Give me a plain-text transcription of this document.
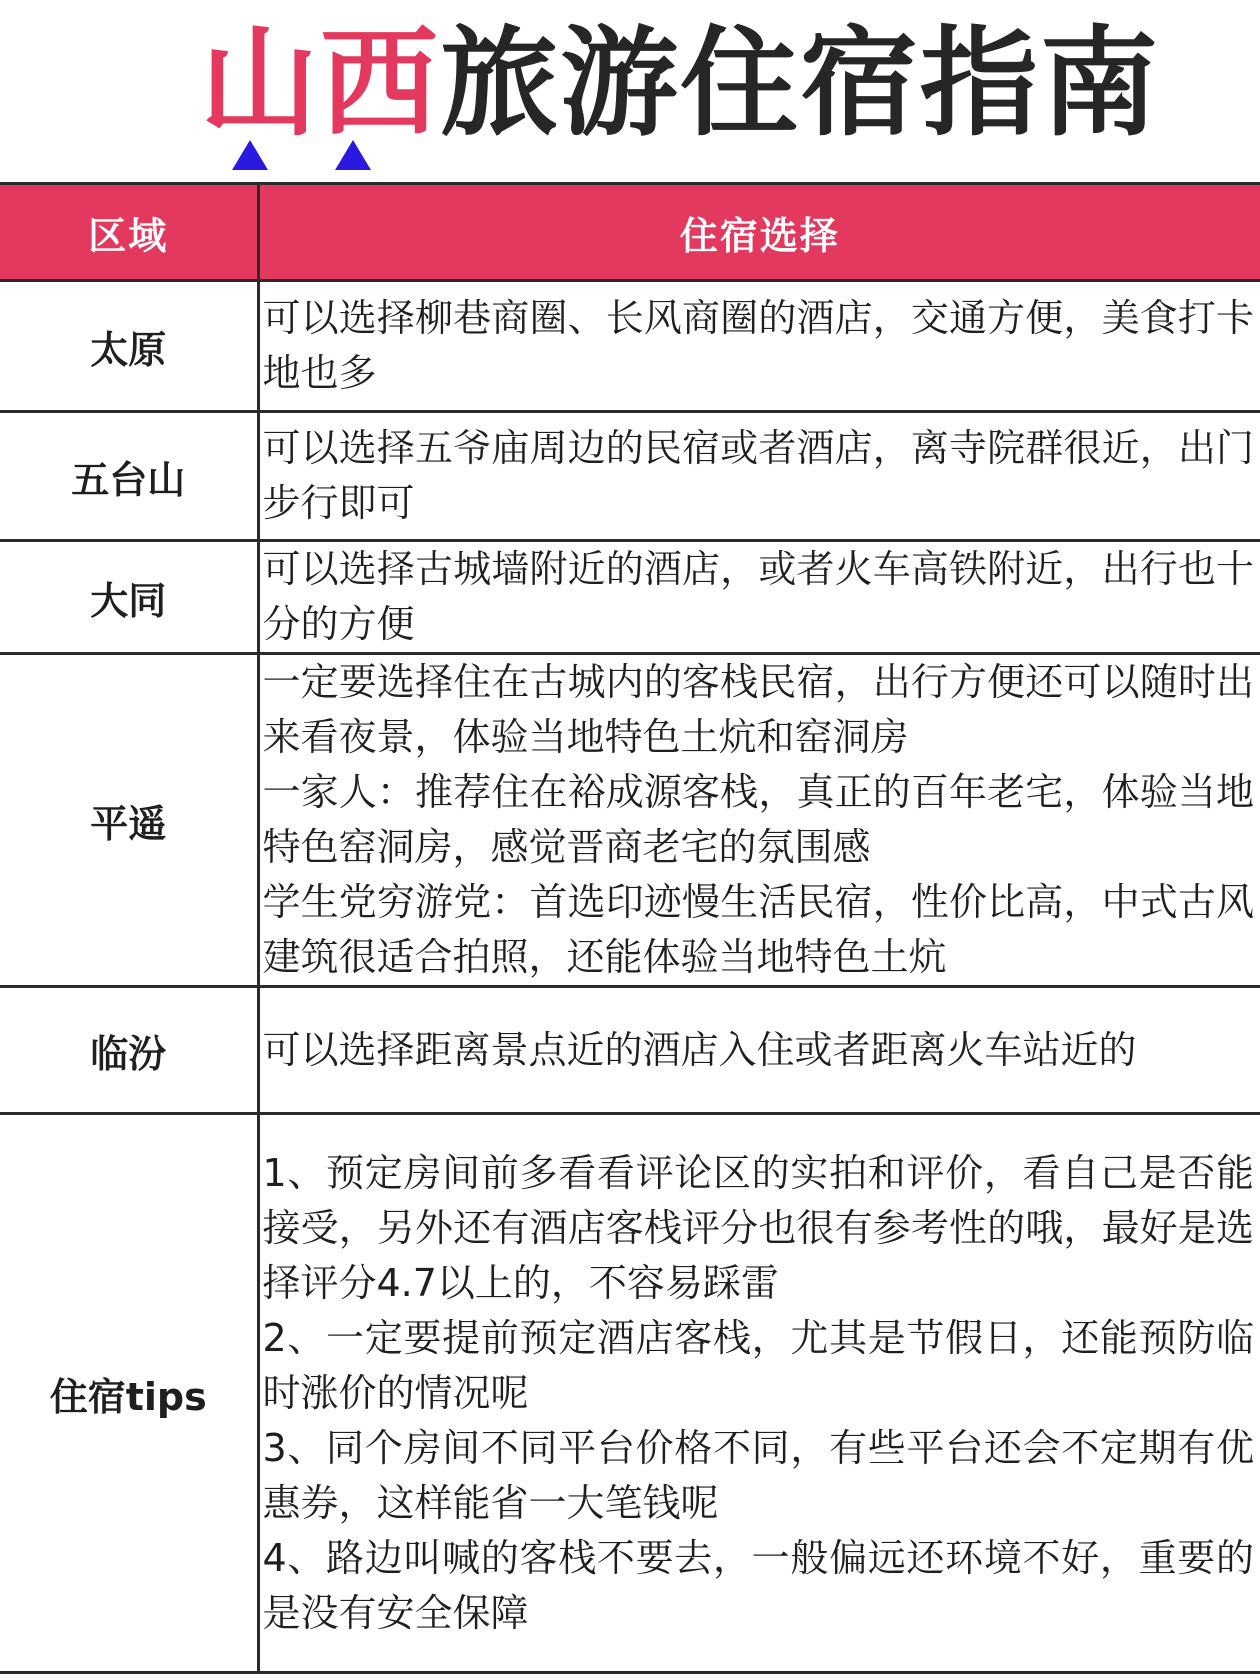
山西旅游住宿指南
区域	住宿选择
太原	可以选择柳巷商圈、长风商圈的酒店，交通方便，美食打卡地也多

五台山	可以选择五爷庙周边的民宿或者酒店，离寺院群很近，出门步行即可

大同	可以选择古城墙附近的酒店，或者火车高铁附近，出行也十分的方便

平遥	一定要选择住在古城内的客栈民宿，出行方便还可以随时出来看夜景，体验当地特色土炕和窑洞房
一家人：推荐住在裕成源客栈，真正的百年老宅，体验当地特色窑洞房，感觉晋商老宅的氛围感
学生党穷游党：首选印迹慢生活民宿，性价比高，中式古风建筑很适合拍照，还能体验当地特色土炕

临汾	可以选择距离景点近的酒店入住或者距离火车站近的

住宿tips	1、预定房间前多看看评论区的实拍和评价，看自己是否能接受，另外还有酒店客栈评分也很有参考性的哦，最好是选择评分4.7以上的，不容易踩雷
2、一定要提前预定酒店客栈，尤其是节假日，还能预防临时涨价的情况呢
3、同个房间不同平台价格不同，有些平台还会不定期有优惠券，这样能省一大笔钱呢
4、路边叫喊的客栈不要去，一般偏远还环境不好，重要的是没有安全保障
